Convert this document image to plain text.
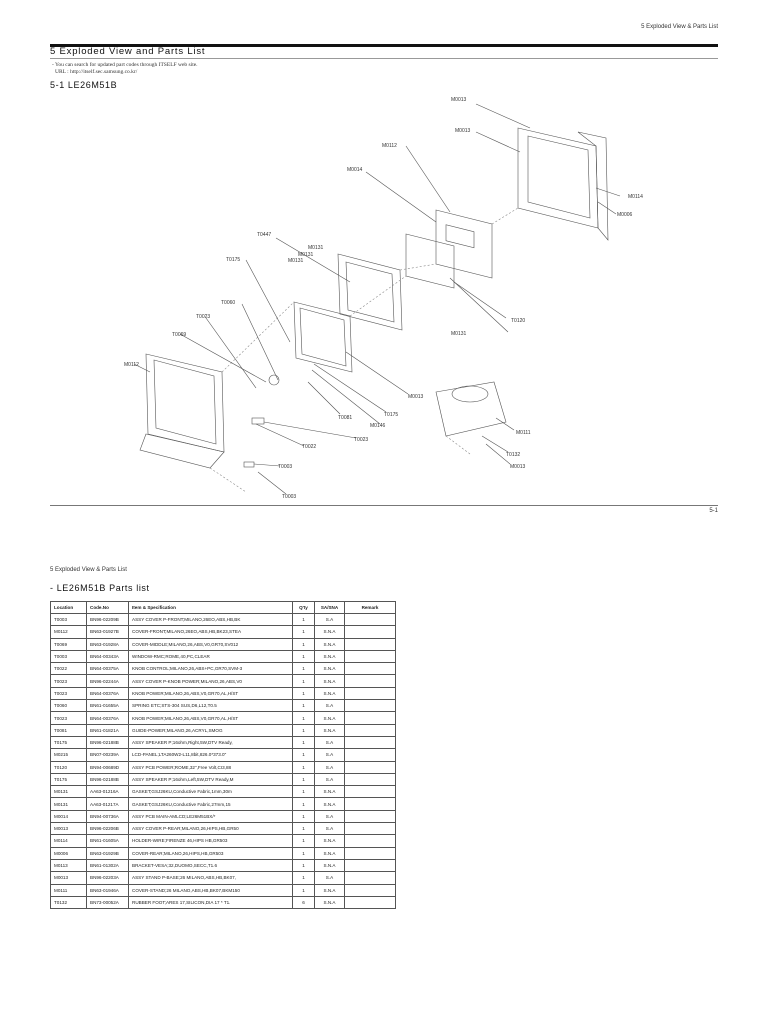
5 Exploded View & Parts List
5 Exploded View and Parts List
- You can search for updated part codes through ITSELF web site.
URL : http://itself.sec.samsung.co.kr/
5-1 LE26M51B
M0013
M0013
M0112
M0014
M0114
M0006
T0447
M0131
M0131
T0175	M0131
T0120
M0131
T0060
T0023
T0069
M0112
M0013
T0081	T0175
M0146
T0023
T0022
M0111
T0132
M0013
T0003
T0003
5-1
5 Exploded View & Parts List
- LE26M51B Parts list
Location	Code.No	Item & Specification	Q'ty	SA/SNA	Remark
T0003	BN96-02209B	ASSY COVER P-FRONT;MILANO,26EO,ABS,HB,BK	1	S.A	
M0112	BN63-01927B	COVER-FRONT;MILANO,26EO,ABS,HB,BK23,STEA	1	S.N.A	
T0069	BN63-01928A	COVER-MIDDLE;MILANO,26,ABS,V0,GR70,SV012	1	S.N.A	
T0003	BN64-00343A	WINDOW-RMC;ROME,40,PC,CLEAR	1	S.N.A	
T0022	BN64-00375A	KNOB CONTROL;MILANO,26,ABS+PC,GR70,SVM-3	1	S.N.A	
T0023	BN96-02244A	ASSY COVER P-KNOB POWER;MILANO,26,ABS,V0	1	S.N.A	
T0023	BN64-00376A	KNOB POWER;MILANO,26,ABS,V0,GR70,AL,H/ST	1	S.N.A	
T0060	BN61-01655A	SPRING ETC;STS-304 SUS,D6,L12,T0.5	1	S.A	
T0023	BN64-00376A	KNOB POWER;MILANO,26,ABS,V0,GR70,AL,H/ST	1	S.N.A	
T0081	BN61-01821A	GUIDE-POWER;MILANO,26,ACRYL,SMOG	1	S.N.A	
T0175	BN96-02188B	ASSY SPEAKER P;16ohm,Right,5W,DTV Ready,	1	S.A	
M0215	BN07-00239A	LCD-PANEL;LTA260W2-L11,8bit,826.0*373.0"	1	S.A	
T0120	BN94-00689D	ASSY PCB POWER;ROME,32",Free Volt,CI3,88	1	S.A	
T0175	BN96-02188B	ASSY SPEAKER P;16ohm,Left,5W,DTV Ready,M	1	S.A	
M0131	AA63-01216A	GASKET;GSJ26KU,Conductive Fabric,1mm,30m	1	S.N.A	
M0131	AA63-01217A	GASKET;GSJ26KU,Conductive Fabric,27mm,15	1	S.N.A	
M0014	BN94-00736A	ASSY PCB MAIN-AMLCD;LE26M51BX/*	1	S.A	
M0013	BN96-02206B	ASSY COVER P-REAR;MILANO,26,HIPS,HB,GR50	1	S.A	
M0114	BN61-01605A	HOLDER-WIRE;FIRENZE 46,HIPS HB,GR503	1	S.N.A	
M0006	BN63-01929B	COVER-REAR;MILANO,26,HIPS,HB,GR503	1	S.N.A	
M0113	BN61-01302A	BRACKET-VESA;32,DUOMO,SECC,T1.6	1	S.N.A	
M0013	BN96-02203A	ASSY STAND P-BASE;26 MILANO,ABS,HB,BK07,	1	S.A	
M0111	BN63-01946A	COVER-STAND;26 MILANO,ABS,HB,BK07,BKM150	1	S.N.A	
T0132	BN73-00052A	RUBBER FOOT;ARES 17,SILICON,DIA 17 * T1.	6	S.N.A	
